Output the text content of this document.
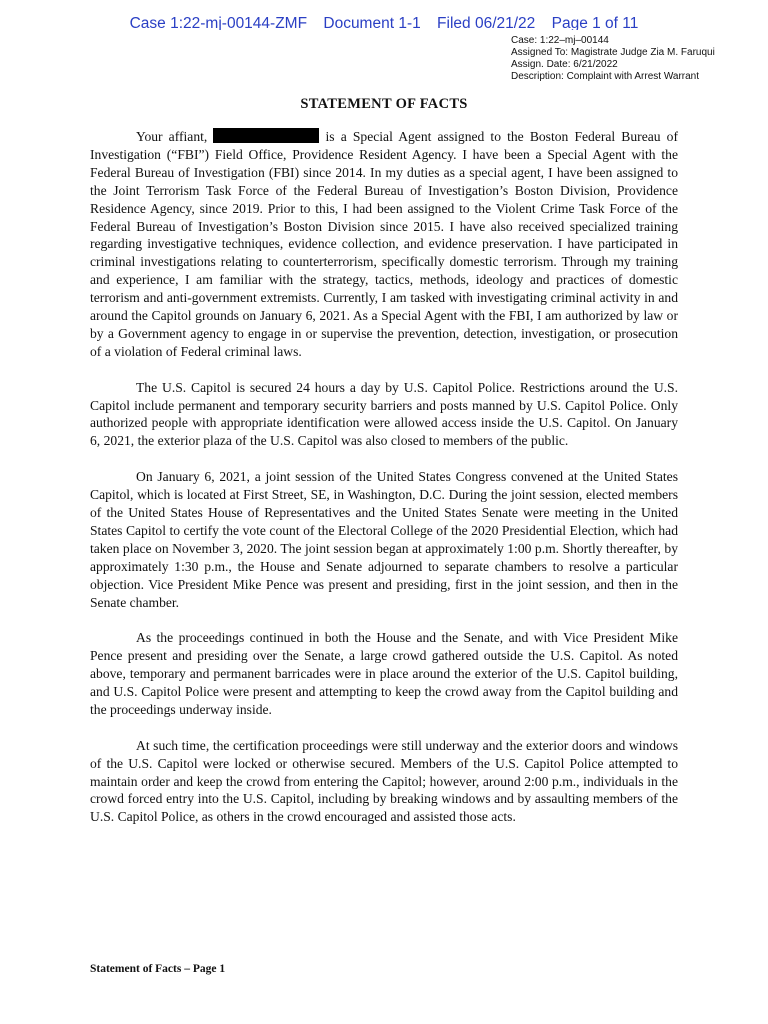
Case 1:22-mj-00144-ZMF Document 1-1 Filed 06/21/22 Page 1 of 11
Case: 1:22–mj–00144
Assigned To: Magistrate Judge Zia M. Faruqui
Assign. Date: 6/21/2022
Description: Complaint with Arrest Warrant
STATEMENT OF FACTS

Your affiant,	is a Special Agent assigned to the Boston Federal Bureau of Investigation (“FBI”) Field Office, Providence Resident Agency. I have been a Special Agent with the Federal Bureau of Investigation (FBI) since 2014. In my duties as a special agent, I have been assigned to the Joint Terrorism Task Force of the Federal Bureau of Investigation’s Boston Division, Providence Residence Agency, since 2019. Prior to this, I had been assigned to the Violent Crime Task Force of the Federal Bureau of Investigation’s Boston Division since 2015. I have also received specialized training regarding investigative techniques, evidence collection, and evidence preservation. I have participated in criminal investigations relating to counterterrorism, specifically domestic terrorism. Through my training and experience, I am familiar with the strategy, tactics, methods, ideology and practices of domestic terrorism and anti-government extremists. Currently, I am tasked with investigating criminal activity in and around the Capitol grounds on January 6, 2021. As a Special Agent with the FBI, I am authorized by law or by a Government agency to engage in or supervise the prevention, detection, investigation, or prosecution of a violation of Federal criminal laws.

The U.S. Capitol is secured 24 hours a day by U.S. Capitol Police. Restrictions around the U.S. Capitol include permanent and temporary security barriers and posts manned by U.S. Capitol Police. Only authorized people with appropriate identification were allowed access inside the U.S. Capitol. On January 6, 2021, the exterior plaza of the U.S. Capitol was also closed to members of the public.

On January 6, 2021, a joint session of the United States Congress convened at the United States Capitol, which is located at First Street, SE, in Washington, D.C. During the joint session, elected members of the United States House of Representatives and the United States Senate were meeting in the United States Capitol to certify the vote count of the Electoral College of the 2020 Presidential Election, which had taken place on November 3, 2020. The joint session began at approximately 1:00 p.m. Shortly thereafter, by approximately 1:30 p.m., the House and Senate adjourned to separate chambers to resolve a particular objection. Vice President Mike Pence was present and presiding, first in the joint session, and then in the Senate chamber.

As the proceedings continued in both the House and the Senate, and with Vice President Mike Pence present and presiding over the Senate, a large crowd gathered outside the U.S. Capitol. As noted above, temporary and permanent barricades were in place around the exterior of the U.S. Capitol building, and U.S. Capitol Police were present and attempting to keep the crowd away from the Capitol building and the proceedings underway inside.

At such time, the certification proceedings were still underway and the exterior doors and windows of the U.S. Capitol were locked or otherwise secured. Members of the U.S. Capitol Police attempted to maintain order and keep the crowd from entering the Capitol; however, around 2:00 p.m., individuals in the crowd forced entry into the U.S. Capitol, including by breaking windows and by assaulting members of the U.S. Capitol Police, as others in the crowd encouraged and assisted those acts.

Statement of Facts – Page 1
